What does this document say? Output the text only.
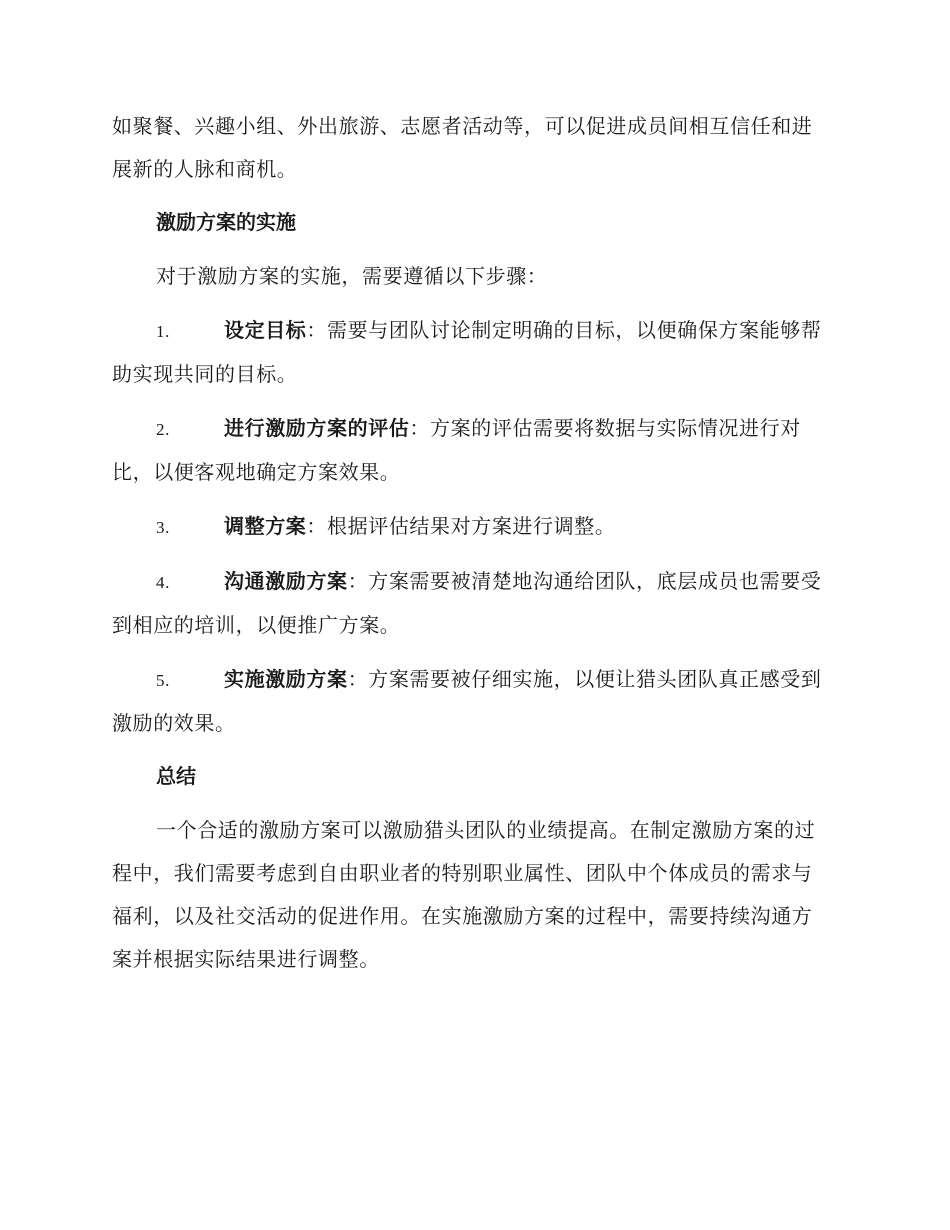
如聚餐、兴趣小组、外出旅游、志愿者活动等，可以促进成员间相互信任和进展新的人脉和商机。

激励方案的实施

对于激励方案的实施，需要遵循以下步骤：

1.	设定目标：需要与团队讨论制定明确的目标，以便确保方案能够帮助实现共同的目标。

2.	进行激励方案的评估：方案的评估需要将数据与实际情况进行对比，以便客观地确定方案效果。

3.	调整方案：根据评估结果对方案进行调整。

4.	沟通激励方案：方案需要被清楚地沟通给团队，底层成员也需要受到相应的培训，以便推广方案。

5.	实施激励方案：方案需要被仔细实施，以便让猎头团队真正感受到激励的效果。

总结

一个合适的激励方案可以激励猎头团队的业绩提高。在制定激励方案的过程中，我们需要考虑到自由职业者的特别职业属性、团队中个体成员的需求与福利，以及社交活动的促进作用。在实施激励方案的过程中，需要持续沟通方案并根据实际结果进行调整。
